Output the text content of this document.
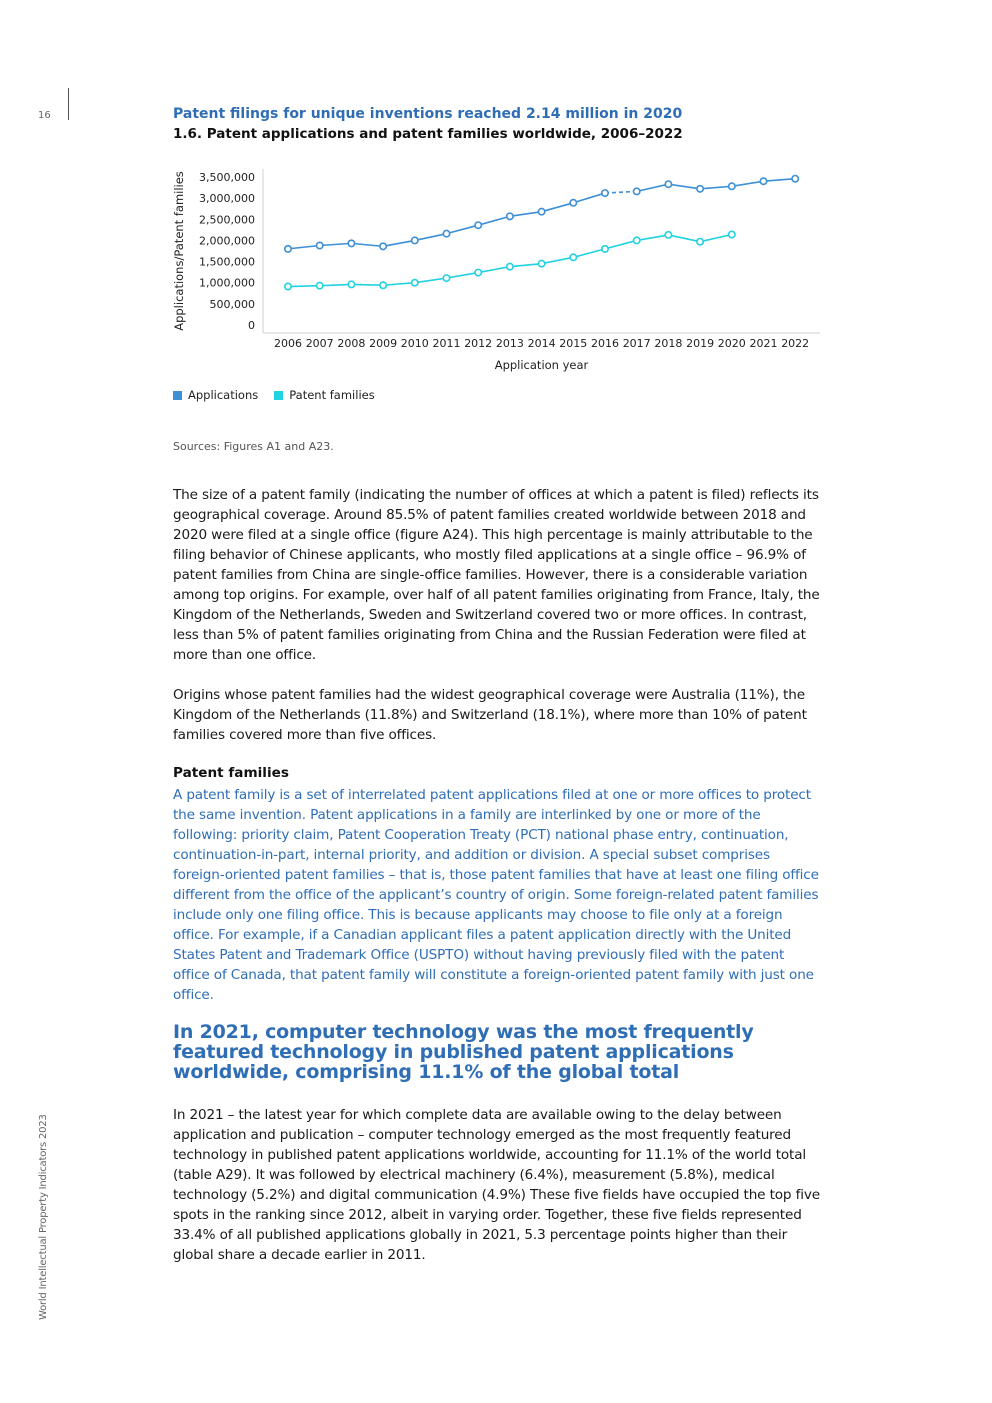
16
World Intellectual Property Indicators 2023
Patent filings for unique inventions reached 2.14 million in 2020
1.6. Patent applications and patent families worldwide, 2006–2022
0
500,000
1,000,000
1,500,000
2,000,000
2,500,000
3,000,000
3,500,000
2006 2007 2008 2009 2010 2011 2012 2013 2014 2015 2016 2017 2018 2019 2020 2021 2022
Application year
Applications/Patent families
Applications	Patent families
Sources: Figures A1 and A23.
The size of a patent family (indicating the number of offices at which a patent is filed) reflects its geographical coverage. Around 85.5% of patent families created worldwide between 2018 and 2020 were filed at a single office (figure A24). This high percentage is mainly attributable to the filing behavior of Chinese applicants, who mostly filed applications at a single office – 96.9% of patent families from China are single-office families. However, there is a considerable variation among top origins. For example, over half of all patent families originating from France, Italy, the Kingdom of the Netherlands, Sweden and Switzerland covered two or more offices. In contrast, less than 5% of patent families originating from China and the Russian Federation were filed at more than one office.
Origins whose patent families had the widest geographical coverage were Australia (11%), the Kingdom of the Netherlands (11.8%) and Switzerland (18.1%), where more than 10% of patent families covered more than five offices.
Patent families
A patent family is a set of interrelated patent applications filed at one or more offices to protect the same invention. Patent applications in a family are interlinked by one or more of the following: priority claim, Patent Cooperation Treaty (PCT) national phase entry, continuation, continuation-in-part, internal priority, and addition or division. A special subset comprises foreign-oriented patent families – that is, those patent families that have at least one filing office different from the office of the applicant’s country of origin. Some foreign-related patent families include only one filing office. This is because applicants may choose to file only at a foreign office. For example, if a Canadian applicant files a patent application directly with the United States Patent and Trademark Office (USPTO) without having previously filed with the patent office of Canada, that patent family will constitute a foreign-oriented patent family with just one office.
In 2021, computer technology was the most frequently featured technology in published patent applications worldwide, comprising 11.1% of the global total
In 2021 – the latest year for which complete data are available owing to the delay between application and publication – computer technology emerged as the most frequently featured technology in published patent applications worldwide, accounting for 11.1% of the world total (table A29). It was followed by electrical machinery (6.4%), measurement (5.8%), medical technology (5.2%) and digital communication (4.9%) These five fields have occupied the top five spots in the ranking since 2012, albeit in varying order. Together, these five fields represented 33.4% of all published applications globally in 2021, 5.3 percentage points higher than their global share a decade earlier in 2011.
